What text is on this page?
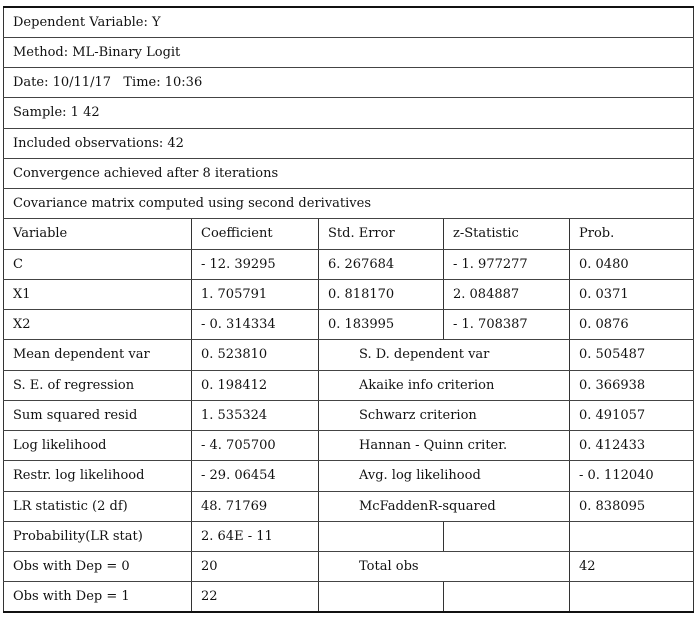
Dependent Variable: Y				
Method: ML-Binary Logit				
Date: 10/11/17   Time: 10:36				
Sample: 1 42				
Included observations: 42				
Convergence achieved after 8 iterations				
Covariance matrix computed using second derivatives				
Variable	Coefficient	Std. Error	z-Statistic	Prob.
C	- 12. 39295	6. 267684	- 1. 977277	0. 0480
X1	1. 705791	0. 818170	2. 084887	0. 0371
X2	- 0. 314334	0. 183995	- 1. 708387	0. 0876
Mean dependent var	0. 523810	S. D. dependent var		0. 505487
S. E. of regression	0. 198412	Akaike info criterion		0. 366938
Sum squared resid	1. 535324	Schwarz criterion		0. 491057
Log likelihood	- 4. 705700	Hannan - Quinn criter.		0. 412433
Restr. log likelihood	- 29. 06454	Avg. log likelihood		- 0. 112040
LR statistic (2 df)	48. 71769	McFaddenR-squared		0. 838095
Probability(LR stat)	2. 64E - 11			
Obs with Dep = 0	20	Total obs		42
Obs with Dep = 1	22			
